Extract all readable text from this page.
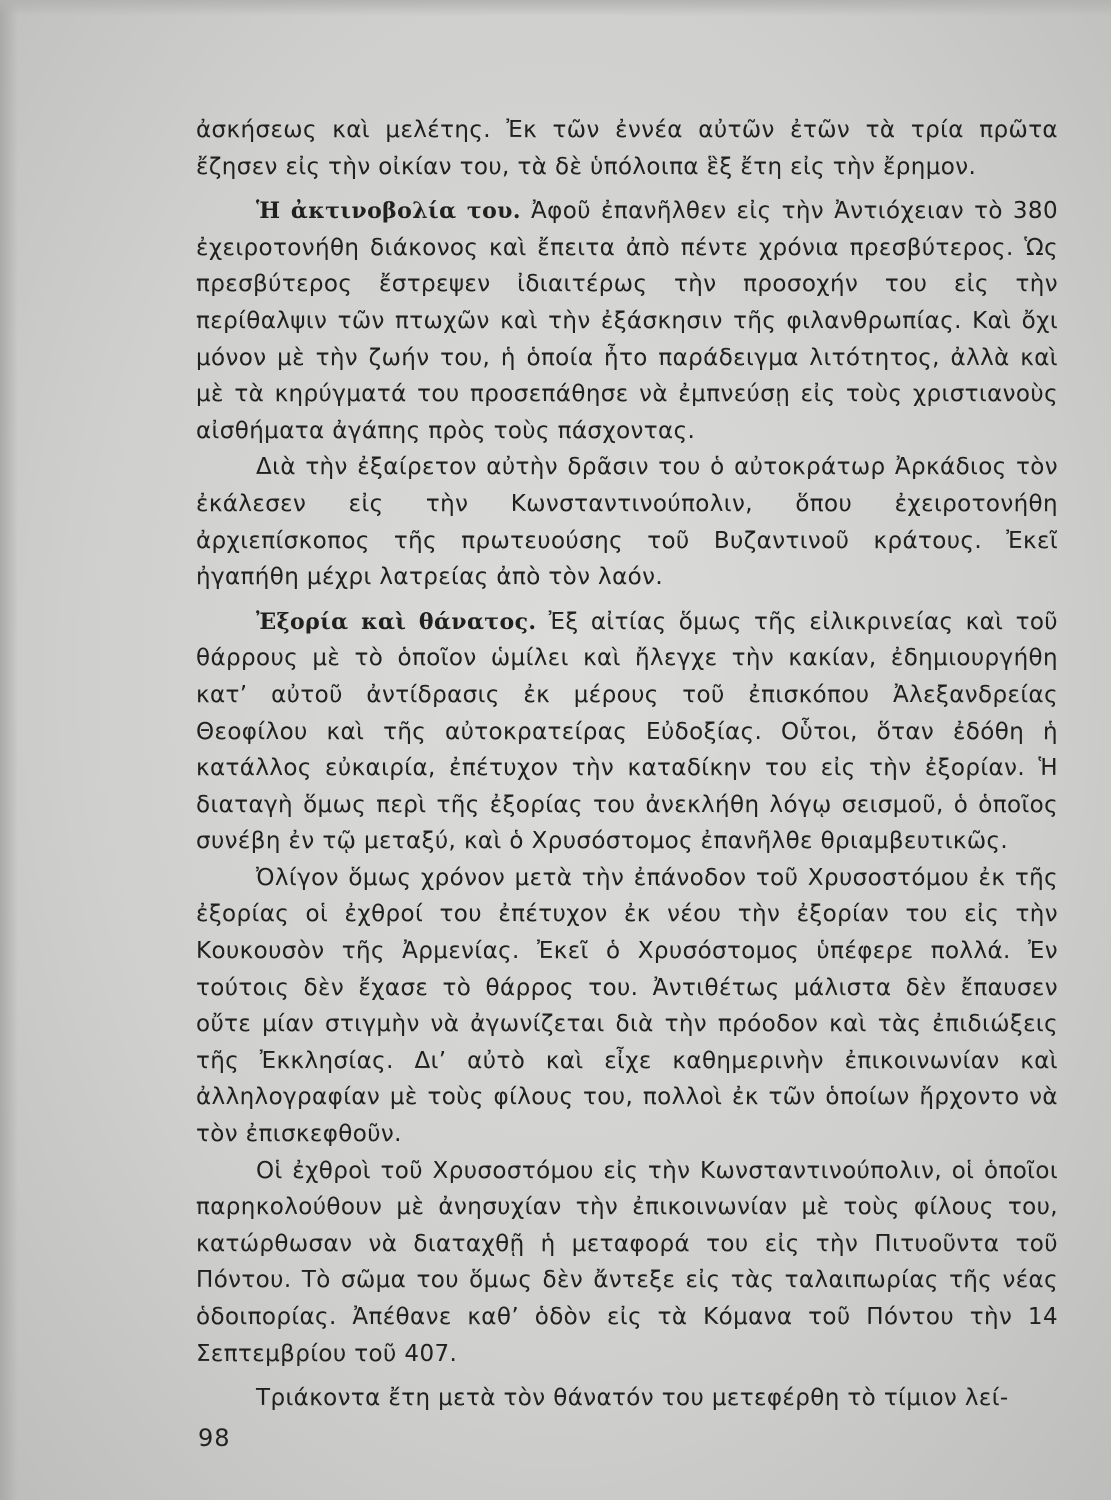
ἀσκήσεως καὶ μελέτης. Ἐκ τῶν ἐννέα αὐτῶν ἐτῶν τὰ τρία πρῶτα ἔζησεν εἰς τὴν οἰκίαν του, τὰ δὲ ὑπόλοιπα ἓξ ἔτη εἰς τὴν ἔρημον.

Ἡ ἀκτινοβολία του. Ἀφοῦ ἐπανῆλθεν εἰς τὴν Ἀντιόχειαν τὸ 380 ἐχειροτονήθη διάκονος καὶ ἔπειτα ἀπὸ πέντε χρόνια πρεσβύτερος. Ὡς πρεσβύτερος ἔστρεψεν ἰδιαιτέρως τὴν προσοχήν του εἰς τὴν περίθαλψιν τῶν πτωχῶν καὶ τὴν ἐξάσκησιν τῆς φιλανθρωπίας. Καὶ ὄχι μόνον μὲ τὴν ζωήν του, ἡ ὁποία ἦτο παράδειγμα λιτότητος, ἀλλὰ καὶ μὲ τὰ κηρύγματά του προσεπάθησε νὰ ἐμπνεύσῃ εἰς τοὺς χριστιανοὺς αἰσθήματα ἀγάπης πρὸς τοὺς πάσχοντας.

Διὰ τὴν ἐξαίρετον αὐτὴν δρᾶσιν του ὁ αὐτοκράτωρ Ἀρκάδιος τὸν ἐκάλεσεν εἰς τὴν Κωνσταντινούπολιν, ὅπου ἐχειροτονήθη ἀρχιεπίσκοπος τῆς πρωτευούσης τοῦ Βυζαντινοῦ κράτους. Ἐκεῖ ἠγαπήθη μέχρι λατρείας ἀπὸ τὸν λαόν.

Ἐξορία καὶ θάνατος. Ἐξ αἰτίας ὅμως τῆς εἰλικρινείας καὶ τοῦ θάρρους μὲ τὸ ὁποῖον ὡμίλει καὶ ἤλεγχε τὴν κακίαν, ἐδημιουργήθη κατ’ αὐτοῦ ἀντίδρασις ἐκ μέρους τοῦ ἐπισκόπου Ἀλεξανδρείας Θεοφίλου καὶ τῆς αὐτοκρατείρας Εὐδοξίας. Οὗτοι, ὅταν ἐδόθη ἡ κατάλλος εὐκαιρία, ἐπέτυχον τὴν καταδίκην του εἰς τὴν ἐξορίαν. Ἡ διαταγὴ ὅμως περὶ τῆς ἐξορίας του ἀνεκλήθη λόγῳ σεισμοῦ, ὁ ὁποῖος συνέβη ἐν τῷ μεταξύ, καὶ ὁ Χρυσόστομος ἐπανῆλθε θριαμβευτικῶς.

Ὀλίγον ὅμως χρόνον μετὰ τὴν ἐπάνοδον τοῦ Χρυσοστόμου ἐκ τῆς ἐξορίας οἱ ἐχθροί του ἐπέτυχον ἐκ νέου τὴν ἐξορίαν του εἰς τὴν Κουκουσὸν τῆς Ἀρμενίας. Ἐκεῖ ὁ Χρυσόστομος ὑπέφερε πολλά. Ἐν τούτοις δὲν ἔχασε τὸ θάρρος του. Ἀντιθέτως μάλιστα δὲν ἔπαυσεν οὔτε μίαν στιγμὴν νὰ ἀγωνίζεται διὰ τὴν πρόοδον καὶ τὰς ἐπιδιώξεις τῆς Ἐκκλησίας. Δι’ αὐτὸ καὶ εἶχε καθημερινὴν ἐπικοινωνίαν καὶ ἀλληλογραφίαν μὲ τοὺς φίλους του, πολλοὶ ἐκ τῶν ὁποίων ἤρχοντο νὰ τὸν ἐπισκεφθοῦν.

Οἱ ἐχθροὶ τοῦ Χρυσοστόμου εἰς τὴν Κωνσταντινούπολιν, οἱ ὁποῖοι παρηκολούθουν μὲ ἀνησυχίαν τὴν ἐπικοινωνίαν μὲ τοὺς φίλους του, κατώρθωσαν νὰ διαταχθῇ ἡ μεταφορά του εἰς τὴν Πιτυοῦντα τοῦ Πόντου. Τὸ σῶμα του ὅμως δὲν ἄντεξε εἰς τὰς ταλαιπωρίας τῆς νέας ὁδοιπορίας. Ἀπέθανε καθ’ ὁδὸν εἰς τὰ Κόμανα τοῦ Πόντου τὴν 14 Σεπτεμβρίου τοῦ 407.

Τριάκοντα ἔτη μετὰ τὸν θάνατόν του μετεφέρθη τὸ τίμιον λεί-

98
